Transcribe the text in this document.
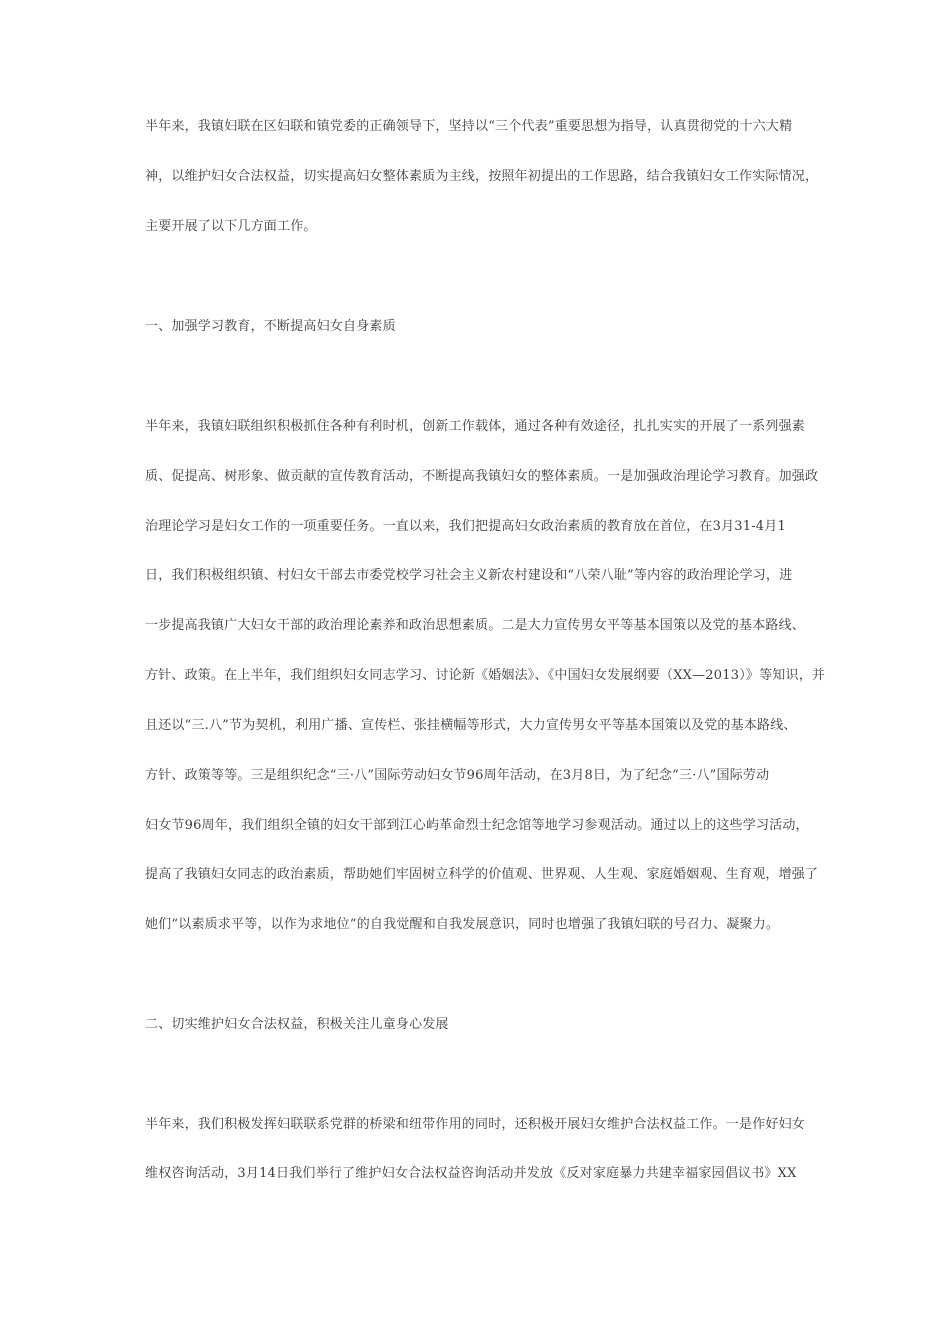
半年来，我镇妇联在区妇联和镇党委的正确领导下，坚持以“三个代表”重要思想为指导，认真贯彻党的十六大精
神，以维护妇女合法权益，切实提高妇女整体素质为主线，按照年初提出的工作思路，结合我镇妇女工作实际情况，
主要开展了以下几方面工作。
一、加强学习教育，不断提高妇女自身素质
半年来，我镇妇联组织积极抓住各种有利时机，创新工作载体，通过各种有效途径，扎扎实实的开展了一系列强素
质、促提高、树形象、做贡献的宣传教育活动，不断提高我镇妇女的整体素质。一是加强政治理论学习教育。加强政
治理论学习是妇女工作的一项重要任务。一直以来，我们把提高妇女政治素质的教育放在首位，在3月31-4月1
日，我们积极组织镇、村妇女干部去市委党校学习社会主义新农村建设和“八荣八耻”等内容的政治理论学习，进
一步提高我镇广大妇女干部的政治理论素养和政治思想素质。二是大力宣传男女平等基本国策以及党的基本路线、
方针、政策。在上半年，我们组织妇女同志学习、讨论新《婚姻法》、《中国妇女发展纲要（XX—2013）》等知识，并
且还以“三.八”节为契机，利用广播、宣传栏、张挂横幅等形式，大力宣传男女平等基本国策以及党的基本路线、
方针、政策等等。三是组织纪念“三·八”国际劳动妇女节96周年活动，在3月8日，为了纪念“三·八”国际劳动
妇女节96周年，我们组织全镇的妇女干部到江心屿革命烈士纪念馆等地学习参观活动。通过以上的这些学习活动，
提高了我镇妇女同志的政治素质，帮助她们牢固树立科学的价值观、世界观、人生观、家庭婚姻观、生育观，增强了
她们“以素质求平等，以作为求地位”的自我觉醒和自我发展意识，同时也增强了我镇妇联的号召力、凝聚力。
二、切实维护妇女合法权益，积极关注儿童身心发展
半年来，我们积极发挥妇联联系党群的桥梁和纽带作用的同时，还积极开展妇女维护合法权益工作。一是作好妇女
维权咨询活动，3月14日我们举行了维护妇女合法权益咨询活动并发放《反对家庭暴力共建幸福家园倡议书》XX
